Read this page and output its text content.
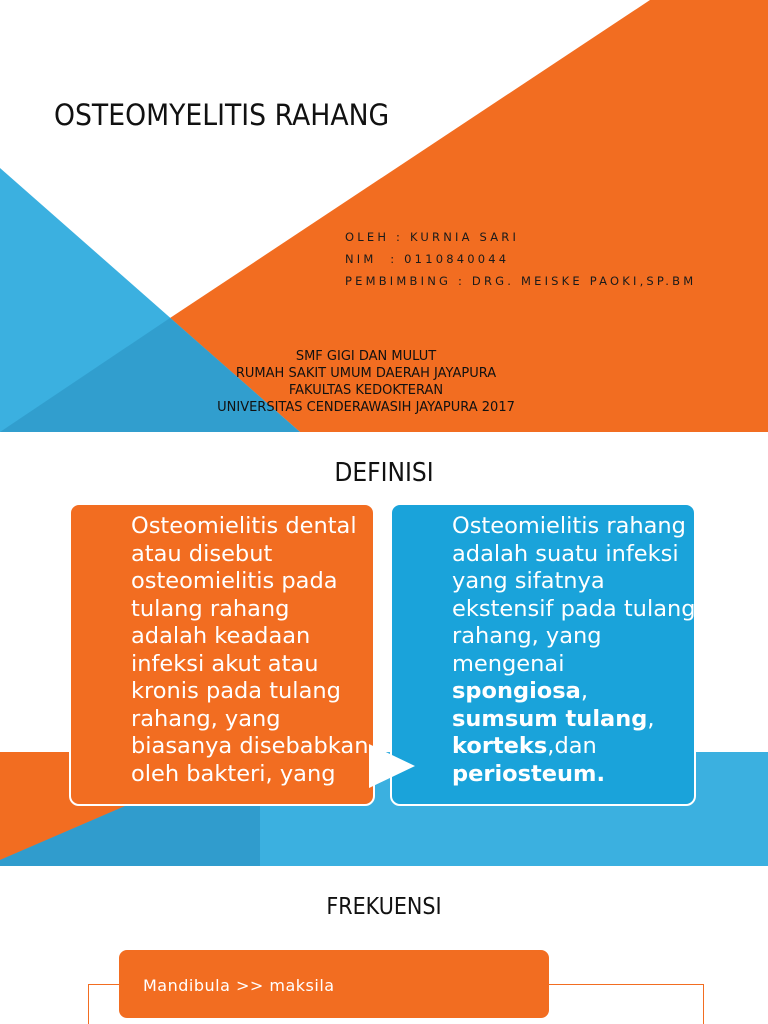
OSTEOMYELITIS RAHANG
OLEH : KURNIA SARI
NIM  : 0110840044
PEMBIMBING : DRG. MEISKE PAOKI,SP.BM
SMF GIGI DAN MULUT
RUMAH SAKIT UMUM DAERAH JAYAPURA
FAKULTAS KEDOKTERAN
UNIVERSITAS CENDERAWASIH JAYAPURA 2017
DEFINISI
Osteomielitis dental atau disebut osteomielitis pada tulang rahang adalah keadaan infeksi akut atau kronis pada tulang rahang, yang biasanya disebabkan oleh bakteri, yang
Osteomielitis rahang adalah suatu infeksi yang sifatnya ekstensif pada tulang rahang, yang mengenai spongiosa, sumsum tulang, korteks,dan periosteum.
FREKUENSI
Mandibula >> maksila
